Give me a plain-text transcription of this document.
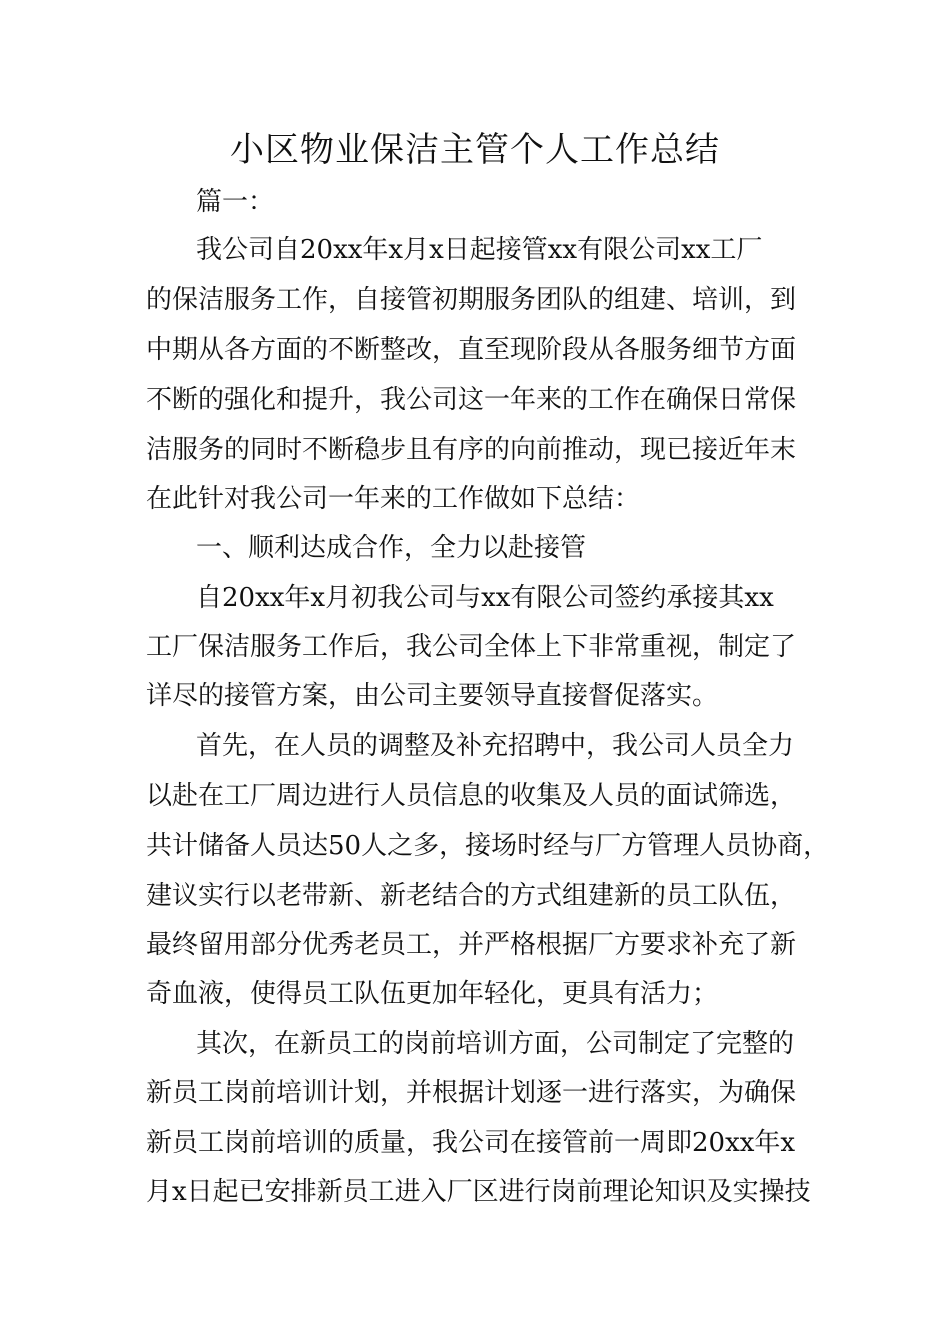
小区物业保洁主管个人工作总结
篇一：
我公司自20xx年x月x日起接管xx有限公司xx工厂
的保洁服务工作，自接管初期服务团队的组建、培训，到
中期从各方面的不断整改，直至现阶段从各服务细节方面
不断的强化和提升，我公司这一年来的工作在确保日常保
洁服务的同时不断稳步且有序的向前推动，现已接近年末
在此针对我公司一年来的工作做如下总结：
一、顺利达成合作，全力以赴接管
自20xx年x月初我公司与xx有限公司签约承接其xx
工厂保洁服务工作后，我公司全体上下非常重视，制定了
详尽的接管方案，由公司主要领导直接督促落实。
首先，在人员的调整及补充招聘中，我公司人员全力
以赴在工厂周边进行人员信息的收集及人员的面试筛选，
共计储备人员达50人之多，接场时经与厂方管理人员协商，
建议实行以老带新、新老结合的方式组建新的员工队伍，
最终留用部分优秀老员工，并严格根据厂方要求补充了新
奇血液，使得员工队伍更加年轻化，更具有活力；
其次，在新员工的岗前培训方面，公司制定了完整的
新员工岗前培训计划，并根据计划逐一进行落实，为确保
新员工岗前培训的质量，我公司在接管前一周即20xx年x
月x日起已安排新员工进入厂区进行岗前理论知识及实操技
